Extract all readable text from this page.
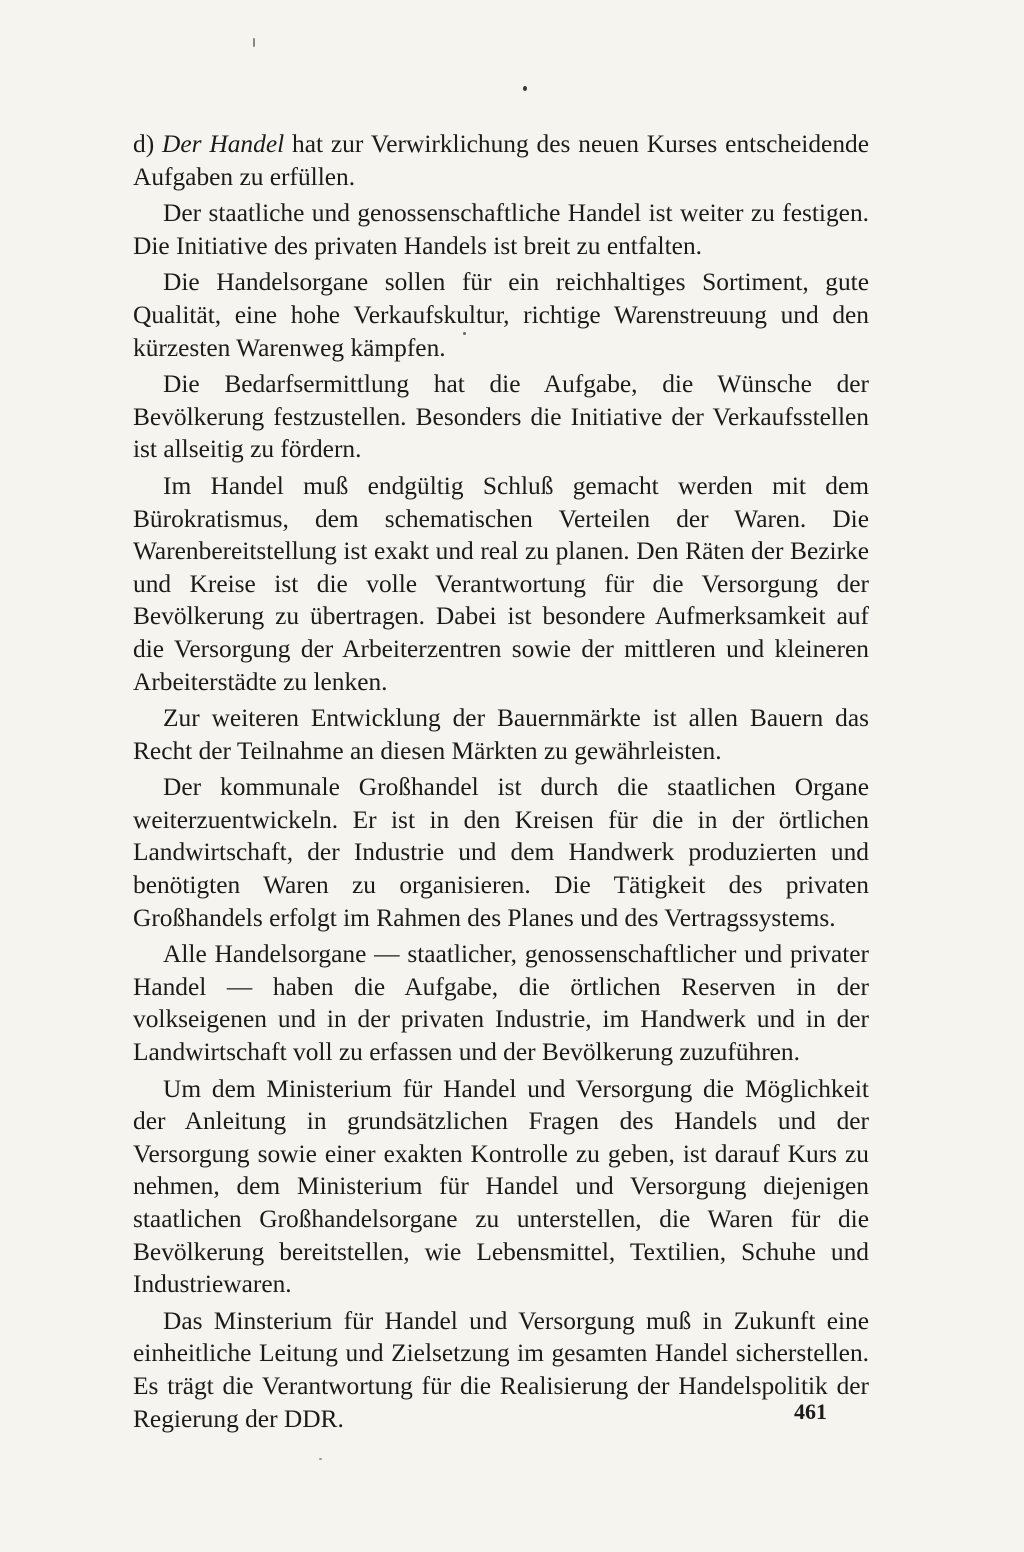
d) Der Handel hat zur Verwirklichung des neuen Kurses entscheidende Aufgaben zu erfüllen.

Der staatliche und genossenschaftliche Handel ist weiter zu festigen. Die Initiative des privaten Handels ist breit zu entfalten.

Die Handelsorgane sollen für ein reichhaltiges Sortiment, gute Qualität, eine hohe Verkaufskultur, richtige Warenstreuung und den kürzesten Warenweg kämpfen.

Die Bedarfsermittlung hat die Aufgabe, die Wünsche der Bevölkerung festzustellen. Besonders die Initiative der Verkaufsstellen ist allseitig zu fördern.

Im Handel muß endgültig Schluß gemacht werden mit dem Bürokratismus, dem schematischen Verteilen der Waren. Die Warenbereitstellung ist exakt und real zu planen. Den Räten der Bezirke und Kreise ist die volle Verantwortung für die Versorgung der Bevölkerung zu übertragen. Dabei ist besondere Aufmerksamkeit auf die Versorgung der Arbeiterzentren sowie der mittleren und kleineren Arbeiterstädte zu lenken.

Zur weiteren Entwicklung der Bauernmärkte ist allen Bauern das Recht der Teilnahme an diesen Märkten zu gewährleisten.

Der kommunale Großhandel ist durch die staatlichen Organe weiterzuentwickeln. Er ist in den Kreisen für die in der örtlichen Landwirtschaft, der Industrie und dem Handwerk produzierten und benötigten Waren zu organisieren. Die Tätigkeit des privaten Großhandels erfolgt im Rahmen des Planes und des Vertragssystems.

Alle Handelsorgane — staatlicher, genossenschaftlicher und privater Handel — haben die Aufgabe, die örtlichen Reserven in der volkseigenen und in der privaten Industrie, im Handwerk und in der Landwirtschaft voll zu erfassen und der Bevölkerung zuzuführen.

Um dem Ministerium für Handel und Versorgung die Möglichkeit der Anleitung in grundsätzlichen Fragen des Handels und der Versorgung sowie einer exakten Kontrolle zu geben, ist darauf Kurs zu nehmen, dem Ministerium für Handel und Versorgung diejenigen staatlichen Großhandelsorgane zu unterstellen, die Waren für die Bevölkerung bereitstellen, wie Lebensmittel, Textilien, Schuhe und Industriewaren.

Das Minsterium für Handel und Versorgung muß in Zukunft eine einheitliche Leitung und Zielsetzung im gesamten Handel sicherstellen. Es trägt die Verantwortung für die Realisierung der Handelspolitik der Regierung der DDR.	461
